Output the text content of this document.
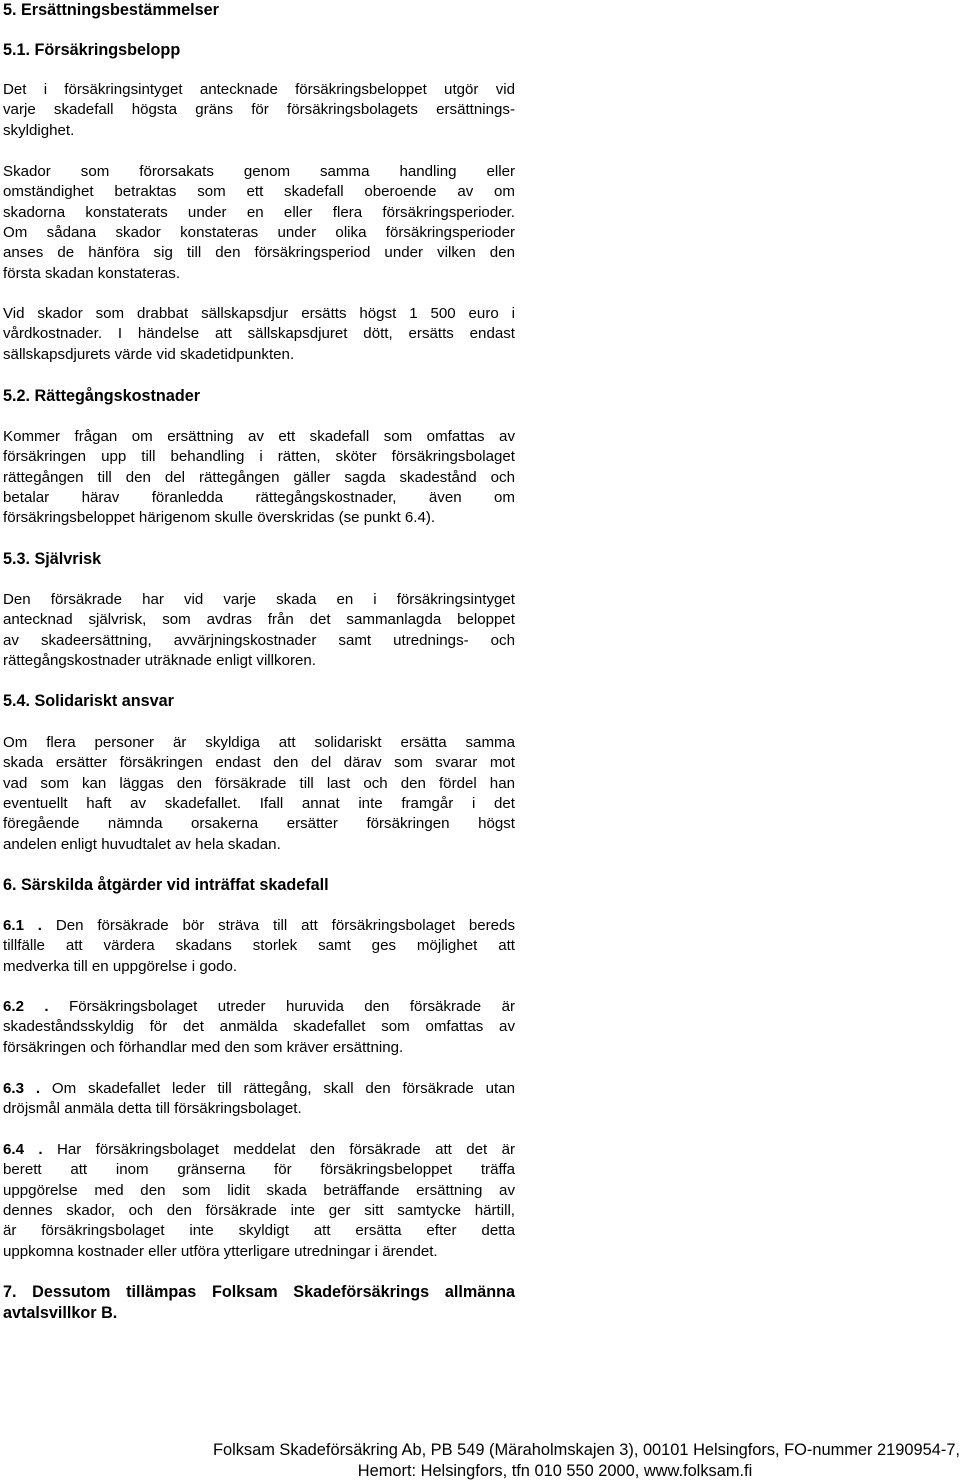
5. Ersättningsbestämmelser
5.1. Försäkringsbelopp
Det i försäkringsintyget antecknade försäkringsbeloppet utgör vid
varje skadefall högsta gräns för försäkringsbolagets ersättnings-
skyldighet.
Skador som förorsakats genom samma handling eller
omständighet betraktas som ett skadefall oberoende av om
skadorna konstaterats under en eller flera försäkringsperioder.
Om sådana skador konstateras under olika försäkringsperioder
anses de hänföra sig till den försäkringsperiod under vilken den
första skadan konstateras.
Vid skador som drabbat sällskapsdjur ersätts högst 1 500 euro i
vårdkostnader. I händelse att sällskapsdjuret dött, ersätts endast
sällskapsdjurets värde vid skadetidpunkten.
5.2. Rättegångskostnader
Kommer frågan om ersättning av ett skadefall som omfattas av
försäkringen upp till behandling i rätten, sköter försäkringsbolaget
rättegången till den del rättegången gäller sagda skadestånd och
betalar härav föranledda rättegångskostnader, även om
försäkringsbeloppet härigenom skulle överskridas (se punkt 6.4).
5.3. Självrisk
Den försäkrade har vid varje skada en i försäkringsintyget
antecknad självrisk, som avdras från det sammanlagda beloppet
av skadeersättning, avvärjningskostnader samt utrednings- och
rättegångskostnader uträknade enligt villkoren.
5.4. Solidariskt ansvar
Om flera personer är skyldiga att solidariskt ersätta samma
skada ersätter försäkringen endast den del därav som svarar mot
vad som kan läggas den försäkrade till last och den fördel han
eventuellt haft av skadefallet. Ifall annat inte framgår i det
föregående nämnda orsakerna ersätter försäkringen högst
andelen enligt huvudtalet av hela skadan.
6. Särskilda åtgärder vid inträffat skadefall
6.1 . Den försäkrade bör sträva till att försäkringsbolaget bereds
tillfälle att värdera skadans storlek samt ges möjlighet att
medverka till en uppgörelse i godo.
6.2 . Försäkringsbolaget utreder huruvida den försäkrade är
skadeståndsskyldig för det anmälda skadefallet som omfattas av
försäkringen och förhandlar med den som kräver ersättning.
6.3 . Om skadefallet leder till rättegång, skall den försäkrade utan
dröjsmål anmäla detta till försäkringsbolaget.
6.4 . Har försäkringsbolaget meddelat den försäkrade att det är
berett att inom gränserna för försäkringsbeloppet träffa
uppgörelse med den som lidit skada beträffande ersättning av
dennes skador, och den försäkrade inte ger sitt samtycke härtill,
är försäkringsbolaget inte skyldigt att ersätta efter detta
uppkomna kostnader eller utföra ytterligare utredningar i ärendet.
7. Dessutom tillämpas Folksam Skadeförsäkrings allmänna
avtalsvillkor B.
Folksam Skadeförsäkring Ab, PB 549 (Märaholmskajen 3), 00101 Helsingfors, FO-nummer 2190954-7,
Hemort: Helsingfors, tfn 010 550 2000, www.folksam.fi
